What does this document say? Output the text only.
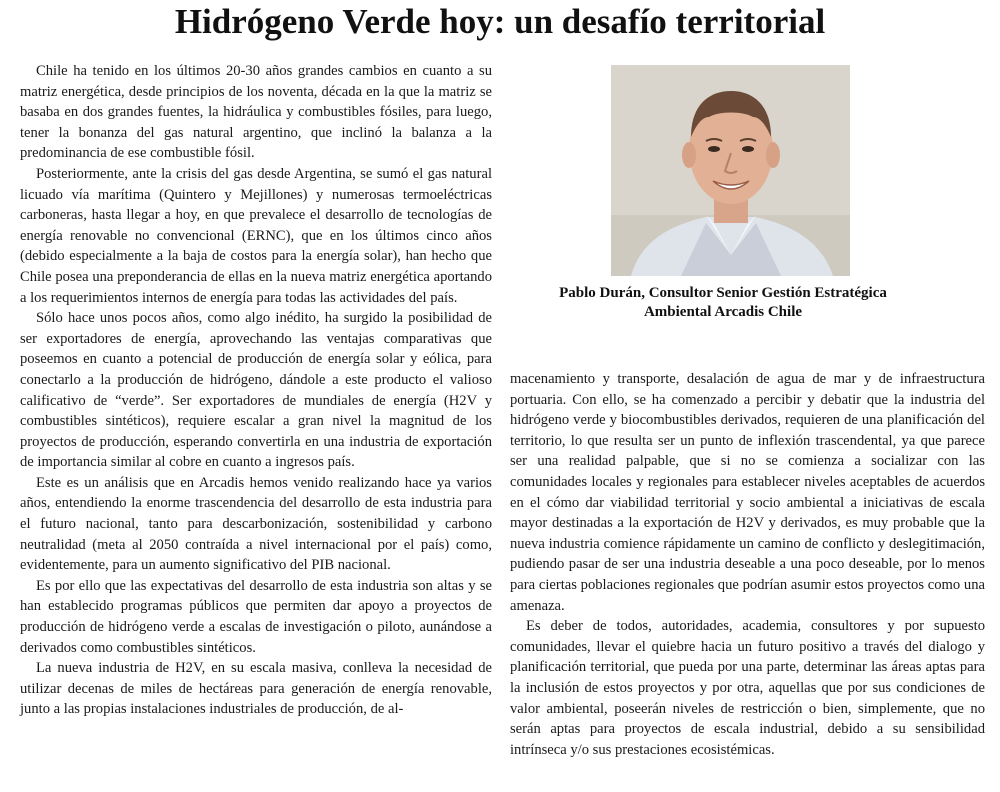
Hidrógeno Verde hoy: un desafío territorial

Chile ha tenido en los últimos 20-30 años grandes cambios en cuanto a su matriz energética, desde principios de los noventa, década en la que la matriz se basaba en dos grandes fuentes, la hidráulica y combustibles fósiles, para luego, tener la bonanza del gas natural argentino, que inclinó la balanza a la predominancia de ese combustible fósil.

Posteriormente, ante la crisis del gas desde Argentina, se sumó el gas natural licuado vía marítima (Quintero y Mejillones) y numerosas termoeléctricas carboneras, hasta llegar a hoy, en que prevalece el desarrollo de tecnologías de energía renovable no convencional (ERNC), que en los últimos cinco años (debido especialmente a la baja de costos para la energía solar), han hecho que Chile posea una preponderancia de ellas en la nueva matriz energética aportando a los requerimientos internos de energía para todas las actividades del país.

Sólo hace unos pocos años, como algo inédito, ha surgido la posibilidad de ser exportadores de energía, aprovechando las ventajas comparativas que poseemos en cuanto a potencial de producción de energía solar y eólica, para conectarlo a la producción de hidrógeno, dándole a este producto el valioso calificativo de “verde”. Ser exportadores de mundiales de energía (H2V y combustibles sintéticos), requiere escalar a gran nivel la magnitud de los proyectos de producción, esperando convertirla en una industria de exportación de importancia similar al cobre en cuanto a ingresos país.

Este es un análisis que en Arcadis hemos venido realizando hace ya varios años, entendiendo la enorme trascendencia del desarrollo de esta industria para el futuro nacional, tanto para descarbonización, sostenibilidad y carbono neutralidad (meta al 2050 contraída a nivel internacional por el país) como, evidentemente, para un aumento significativo del PIB nacional.

Es por ello que las expectativas del desarrollo de esta industria son altas y se han establecido programas públicos que permiten dar apoyo a proyectos de producción de hidrógeno verde a escalas de investigación o piloto, aunándose a derivados como combustibles sintéticos.

La nueva industria de H2V, en su escala masiva, conlleva la necesidad de utilizar decenas de miles de hectáreas para generación de energía renovable, junto a las propias instalaciones industriales de producción, de al-

Pablo Durán, Consultor Senior Gestión Estratégica
Ambiental Arcadis Chile

macenamiento y transporte, desalación de agua de mar y de infraestructura portuaria. Con ello, se ha comenzado a percibir y debatir que la industria del hidrógeno verde y biocombustibles derivados, requieren de una planificación del territorio, lo que resulta ser un punto de inflexión trascendental, ya que parece ser una realidad palpable, que si no se comienza a socializar con las comunidades locales y regionales para establecer niveles aceptables de acuerdos en el cómo dar viabilidad territorial y socio ambiental a iniciativas de escala mayor destinadas a la exportación de H2V y derivados, es muy probable que la nueva industria comience rápidamente un camino de conflicto y deslegitimación, pudiendo pasar de ser una industria deseable a una poco deseable, por lo menos para ciertas poblaciones regionales que podrían asumir estos proyectos como una amenaza.

Es deber de todos, autoridades, academia, consultores y por supuesto comunidades, llevar el quiebre hacia un futuro positivo a través del dialogo y planificación territorial, que pueda por una parte, determinar las áreas aptas para la inclusión de estos proyectos y por otra, aquellas que por sus condiciones de valor ambiental, poseerán niveles de restricción o bien, simplemente, que no serán aptas para proyectos de escala industrial, debido a su sensibilidad intrínseca y/o sus prestaciones ecosistémicas.
